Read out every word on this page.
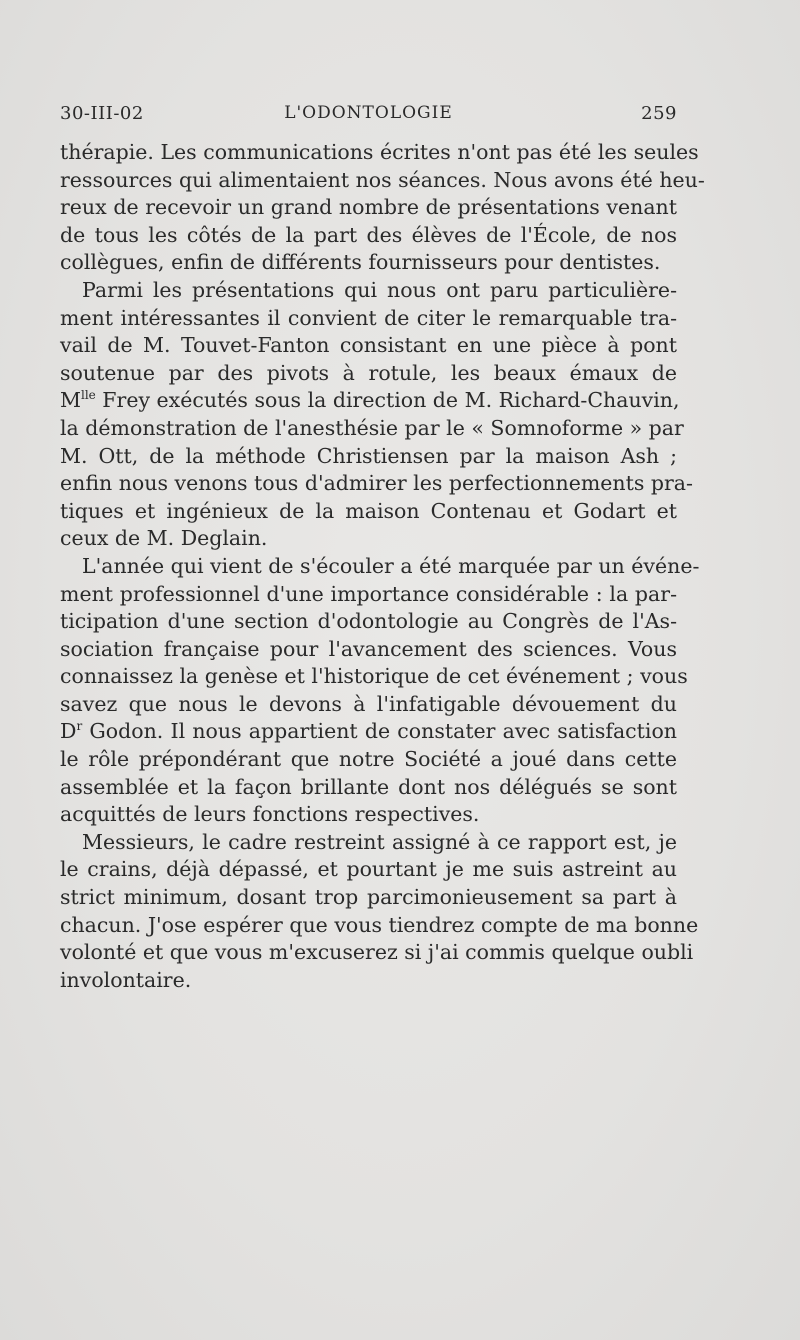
30-III-02	L'ODONTOLOGIE	259
thérapie. Les communications écrites n'ont pas été les seules
ressources qui alimentaient nos séances. Nous avons été heu-
reux de recevoir un grand nombre de présentations venant
de tous les côtés de la part des élèves de l'École, de nos
collègues, enfin de différents fournisseurs pour dentistes.
Parmi les présentations qui nous ont paru particulière-
ment intéressantes il convient de citer le remarquable tra-
vail de M. Touvet-Fanton consistant en une pièce à pont
soutenue par des pivots à rotule, les beaux émaux de
$M^{lle}$ Frey exécutés sous la direction de M. Richard-Chauvin,
la démonstration de l'anesthésie par le « Somnoforme » par
M. Ott, de la méthode Christiensen par la maison Ash ;
enfin nous venons tous d'admirer les perfectionnements pra-
tiques et ingénieux de la maison Contenau et Godart et
ceux de M. Deglain.
L'année qui vient de s'écouler a été marquée par un événe-
ment professionnel d'une importance considérable : la par-
ticipation d'une section d'odontologie au Congrès de l'As-
sociation française pour l'avancement des sciences. Vous
connaissez la genèse et l'historique de cet événement ; vous
savez que nous le devons à l'infatigable dévouement du
$D^r$ Godon. Il nous appartient de constater avec satisfaction
le rôle prépondérant que notre Société a joué dans cette
assemblée et la façon brillante dont nos délégués se sont
acquittés de leurs fonctions respectives.
Messieurs, le cadre restreint assigné à ce rapport est, je
le crains, déjà dépassé, et pourtant je me suis astreint au
strict minimum, dosant trop parcimonieusement sa part à
chacun. J'ose espérer que vous tiendrez compte de ma bonne
volonté et que vous m'excuserez si j'ai commis quelque oubli
involontaire.
